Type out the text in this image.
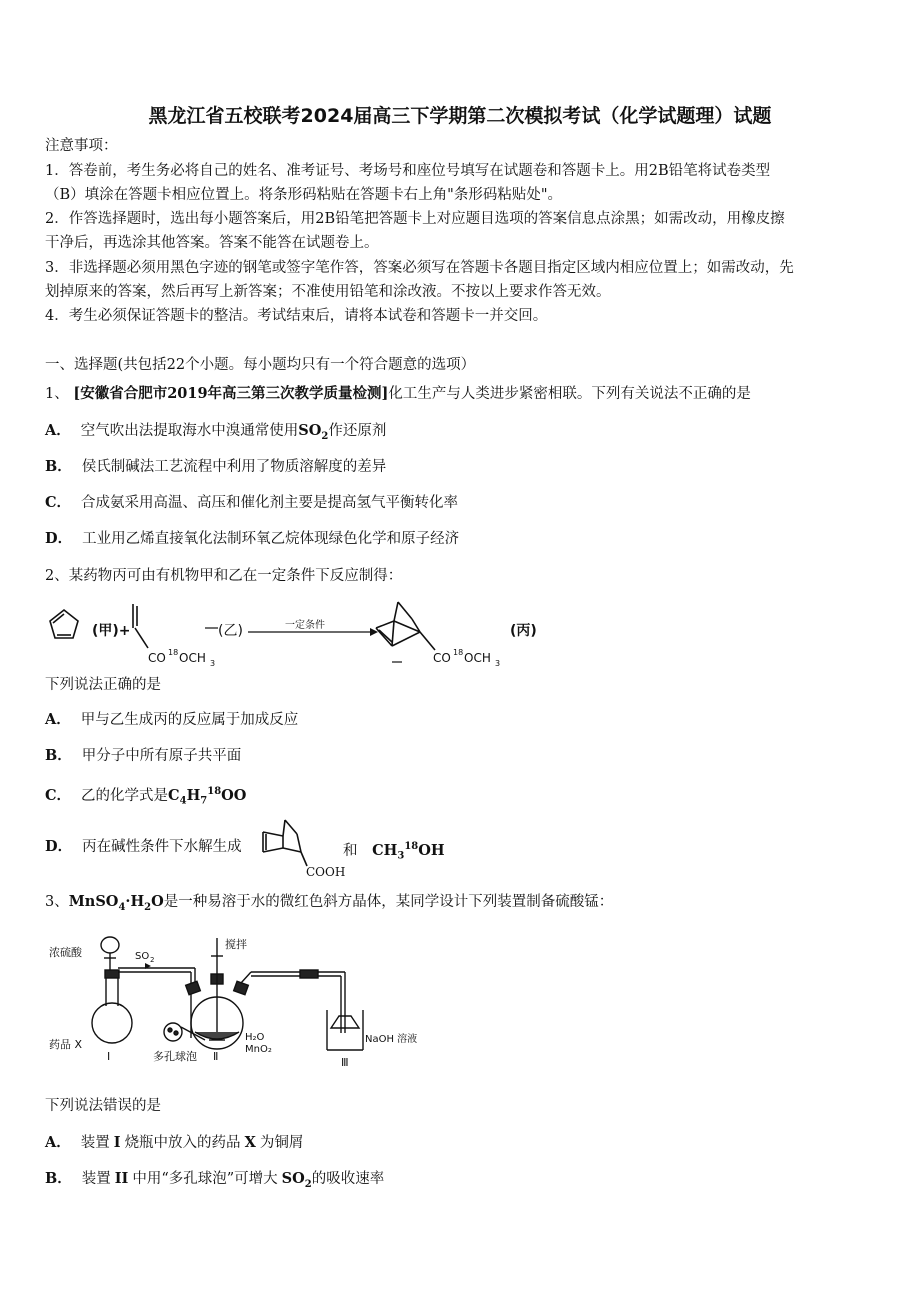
黑龙江省五校联考2024届高三下学期第二次模拟考试（化学试题理）试题
注意事项：
1．答卷前，考生务必将自己的姓名、准考证号、考场号和座位号填写在试题卷和答题卡上。用2B铅笔将试卷类型
（B）填涂在答题卡相应位置上。将条形码粘贴在答题卡右上角"条形码粘贴处"。
2．作答选择题时，选出每小题答案后，用2B铅笔把答题卡上对应题目选项的答案信息点涂黑；如需改动，用橡皮擦
干净后，再选涂其他答案。答案不能答在试题卷上。
3．非选择题必须用黑色字迹的钢笔或签字笔作答，答案必须写在答题卡各题目指定区域内相应位置上；如需改动，先
划掉原来的答案，然后再写上新答案；不准使用铅笔和涂改液。不按以上要求作答无效。
4．考生必须保证答题卡的整洁。考试结束后，请将本试卷和答题卡一并交回。
一、选择题(共包括22个小题。每小题均只有一个符合题意的选项）
1、 [安徽省合肥市2019年高三第三次教学质量检测]化工生产与人类进步紧密相联。下列有关说法不正确的是
A． 空气吹出法提取海水中溴通常使用$SO_2$作还原剂
B． 侯氏制碱法工艺流程中利用了物质溶解度的差异
C． 合成氨采用高温、高压和催化剂主要是提高氢气平衡转化率
D． 工业用乙烯直接氧化法制环氧乙烷体现绿色化学和原子经济
2、某药物丙可由有机物甲和乙在一定条件下反应制得：
(甲)+
CO 18 OCH 3
(乙)	一定条件
CO 18 OCH 3
(丙)
下列说法正确的是
A． 甲与乙生成丙的反应属于加成反应
B． 甲分子中所有原子共平面
C． 乙的化学式是$C_4H_7^{18}OO$
D． 丙在碱性条件下水解生成
COOH
和 $CH_3^{18}OH$
3、$MnSO_4\cdot H_2O$是一种易溶于水的微红色斜方晶体，某同学设计下列装置制备硫酸锰：
浓硫酸	SO 2
搅拌
药品 X
Ⅰ	多孔球泡 Ⅱ
H₂O
MnO₂
NaOH 溶液
Ⅲ
下列说法错误的是
A． 装置 I 烧瓶中放入的药品 X 为铜屑
B． 装置 II 中用“多孔球泡”可增大 $SO_2$的吸收速率
